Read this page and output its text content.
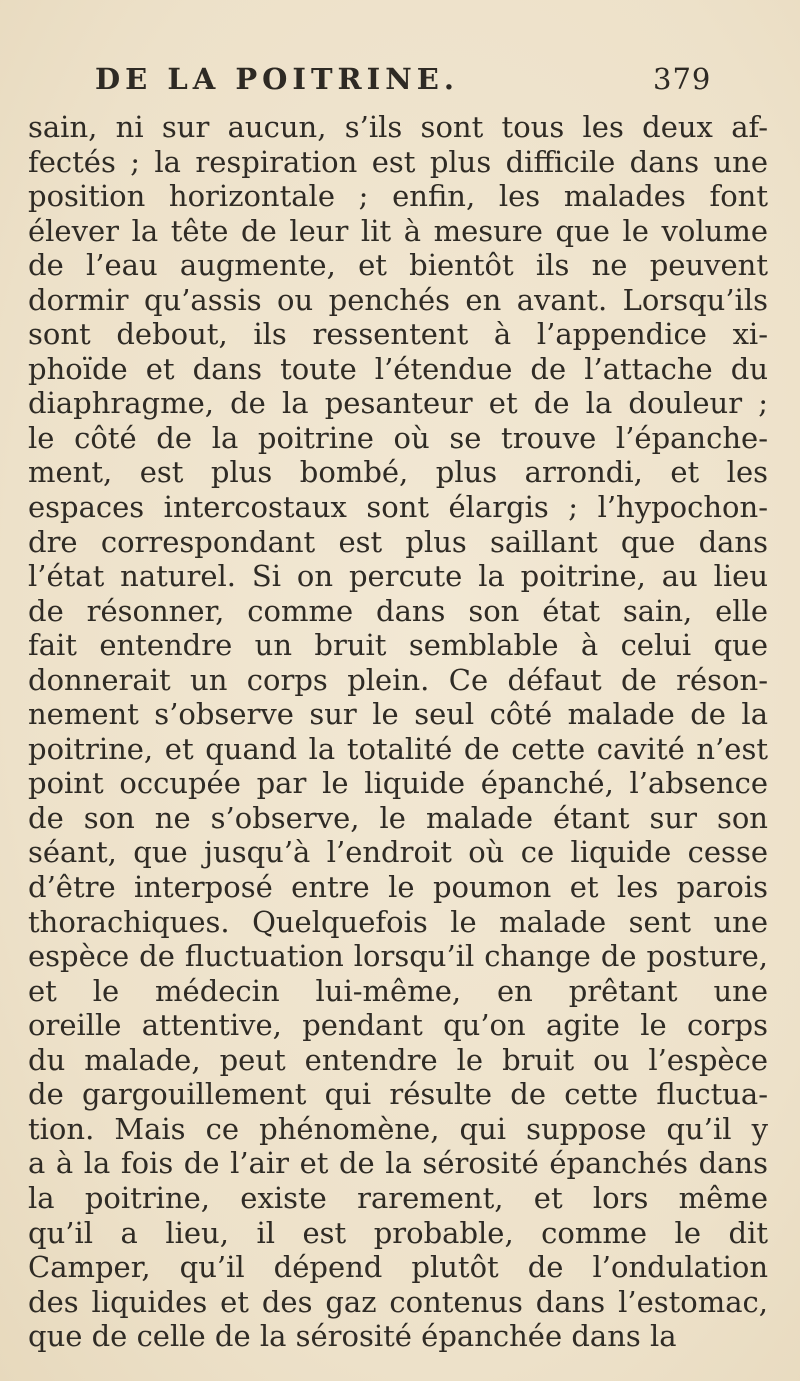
DE LA POITRINE.	379
sain, ni sur aucun, s’ils sont tous les deux af-
fectés ; la respiration est plus difficile dans une
position horizontale ; enfin, les malades font
élever la tête de leur lit à mesure que le volume
de l’eau augmente, et bientôt ils ne peuvent
dormir qu’assis ou penchés en avant. Lorsqu’ils
sont debout, ils ressentent à l’appendice xi-
phoïde et dans toute l’étendue de l’attache du
diaphragme, de la pesanteur et de la douleur ;
le côté de la poitrine où se trouve l’épanche-
ment, est plus bombé, plus arrondi, et les
espaces intercostaux sont élargis ; l’hypochon-
dre correspondant est plus saillant que dans
l’état naturel. Si on percute la poitrine, au lieu
de résonner, comme dans son état sain, elle
fait entendre un bruit semblable à celui que
donnerait un corps plein. Ce défaut de réson-
nement s’observe sur le seul côté malade de la
poitrine, et quand la totalité de cette cavité n’est
point occupée par le liquide épanché, l’absence
de son ne s’observe, le malade étant sur son
séant, que jusqu’à l’endroit où ce liquide cesse
d’être interposé entre le poumon et les parois
thorachiques. Quelquefois le malade sent une
espèce de fluctuation lorsqu’il change de posture,
et le médecin lui-même, en prêtant une
oreille attentive, pendant qu’on agite le corps
du malade, peut entendre le bruit ou l’espèce
de gargouillement qui résulte de cette fluctua-
tion. Mais ce phénomène, qui suppose qu’il y
a à la fois de l’air et de la sérosité épanchés dans
la poitrine, existe rarement, et lors même
qu’il a lieu, il est probable, comme le dit
Camper, qu’il dépend plutôt de l’ondulation
des liquides et des gaz contenus dans l’estomac,
que de celle de la sérosité épanchée dans la
